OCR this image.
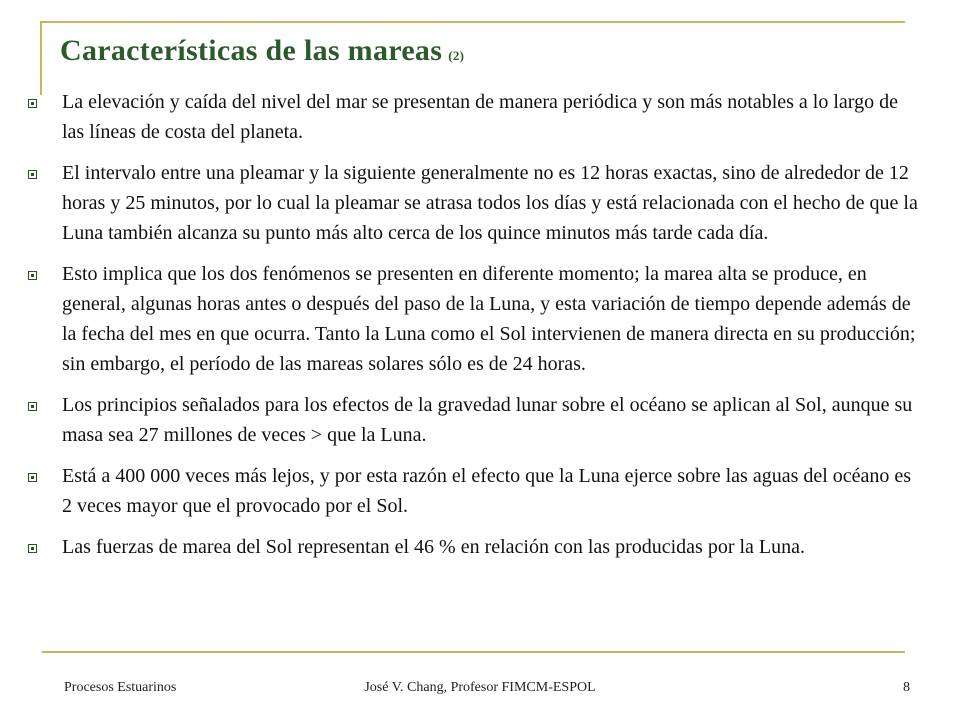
Características de las mareas (2)
La elevación y caída del nivel del mar se presentan de manera periódica y son más notables a lo largo de las líneas de costa del planeta.
El intervalo entre una pleamar y la siguiente generalmente no es 12 horas exactas, sino de alrededor de 12 horas y 25 minutos, por lo cual la pleamar se atrasa todos los días y está relacionada con el hecho de que la Luna también alcanza su punto más alto cerca de los quince minutos más tarde cada día.
Esto implica que los dos fenómenos se presenten en diferente momento; la marea alta se produce, en general, algunas horas antes o después del paso de la Luna, y esta variación de tiempo depende además de la fecha del mes en que ocurra. Tanto la Luna como el Sol intervienen de manera directa en su producción; sin embargo, el período de las mareas solares sólo es de 24 horas.
Los principios señalados para los efectos de la gravedad lunar sobre el océano se aplican al Sol, aunque su masa sea 27 millones de veces > que la Luna.
Está a 400 000 veces más lejos, y por esta razón el efecto que la Luna ejerce sobre las aguas del océano es 2 veces mayor que el provocado por el Sol.
Las fuerzas de marea del Sol representan el 46 % en relación con las producidas por la Luna.
Procesos Estuarinos	José V. Chang, Profesor FIMCM-ESPOL	8
